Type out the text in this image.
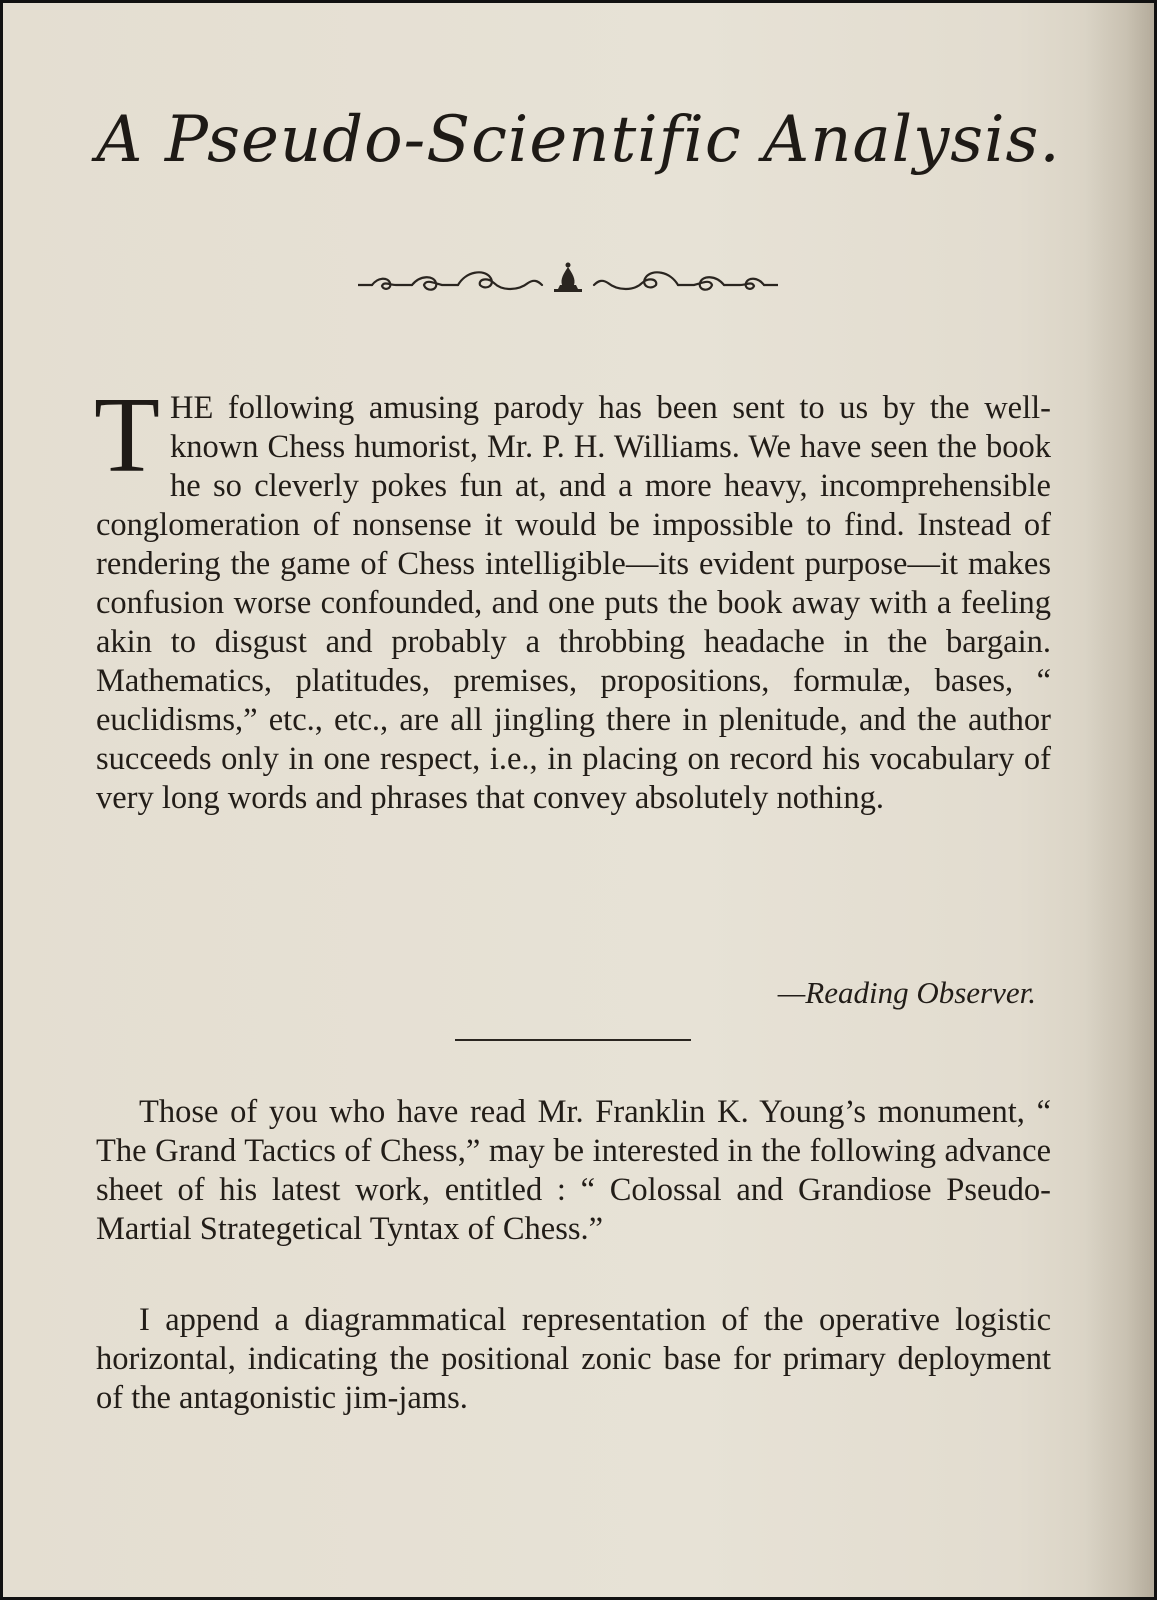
A Pseudo-Scientific Analysis.
T HE following amusing parody has been sent to us by the well-known Chess humorist, Mr. P. H. Williams. We have seen the book he so cleverly pokes fun at, and a more heavy, incomprehensible conglomeration of nonsense it would be impossible to find. Instead of rendering the game of Chess intelligible—its evident purpose—it makes confusion worse confounded, and one puts the book away with a feeling akin to disgust and probably a throbbing headache in the bargain. Mathematics, platitudes, premises, propositions, formulæ, bases, “ euclidisms,” etc., etc., are all jingling there in plenitude, and the author succeeds only in one respect, i.e., in placing on record his vocabulary of very long words and phrases that convey absolutely nothing.
—Reading Observer.

Those of you who have read Mr. Franklin K. Young’s monument, “ The Grand Tactics of Chess,” may be interested in the following advance sheet of his latest work, entitled : “ Colossal and Grandiose Pseudo-Martial Strategetical Tyntax of Chess.”

I append a diagrammatical representation of the operative logistic horizontal, indicating the positional zonic base for primary deployment of the antagonistic jim-jams.
